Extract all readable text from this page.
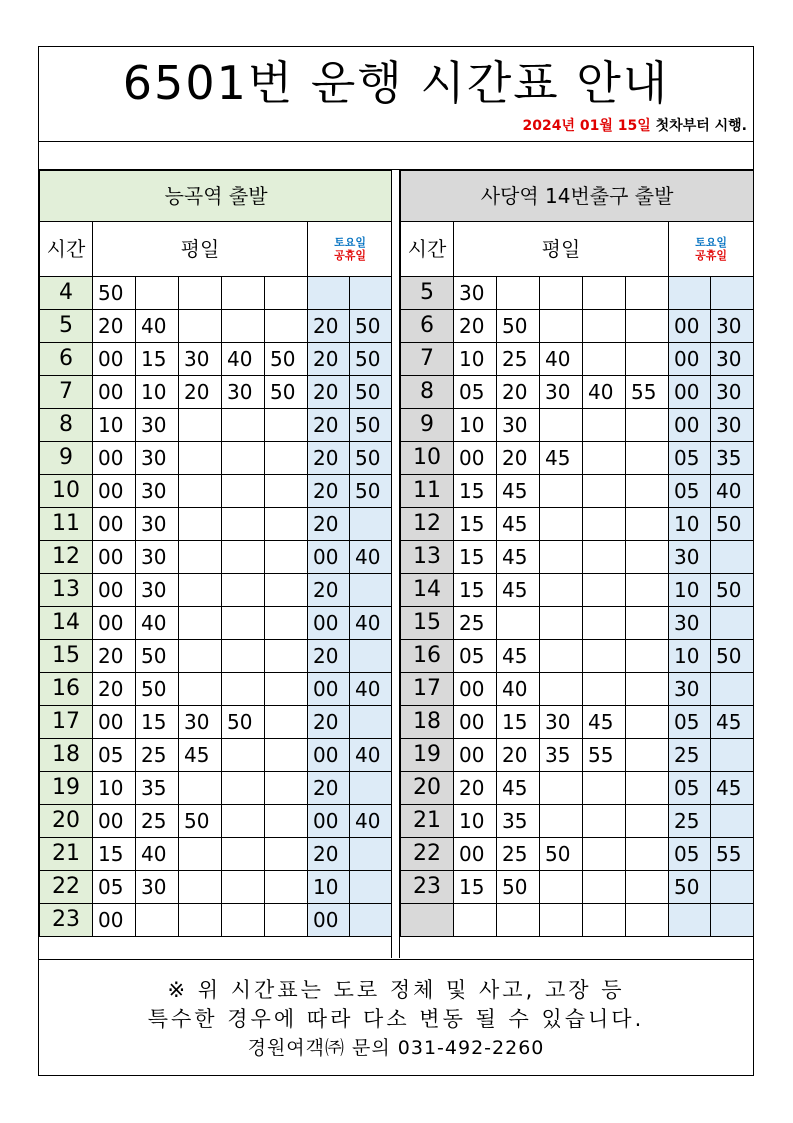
6501번 운행 시간표 안내
2024년 01월 15일 첫차부터 시행.
능곡역 출발							
시간	평일					토요일
공휴일	

4	50						
5	20	40				20	50
6	00	15	30	40	50	20	50
7	00	10	20	30	50	20	50
8	10	30				20	50
9	00	30				20	50
10	00	30				20	50
11	00	30				20	
12	00	30				00	40
13	00	30				20	
14	00	40				00	40
15	20	50				20	
16	20	50				00	40
17	00	15	30	50		20	
18	05	25	45			00	40
19	10	35				20	
20	00	25	50			00	40
21	15	40				20	
22	05	30				10	
23	00					00	
사당역 14번출구 출발							
시간	평일					토요일
공휴일	

5	30						
6	20	50				00	30
7	10	25	40			00	30
8	05	20	30	40	55	00	30
9	10	30				00	30
10	00	20	45			05	35
11	15	45				05	40
12	15	45				10	50
13	15	45				30	
14	15	45				10	50
15	25					30	
16	05	45				10	50
17	00	40				30	
18	00	15	30	45		05	45
19	00	20	35	55		25	
20	20	45				05	45
21	10	35				25	
22	00	25	50			05	55
23	15	50				50	

※ 위 시간표는 도로 정체 및 사고, 고장 등
특수한 경우에 따라 다소 변동 될 수 있습니다.
경원여객㈜ 문의 031-492-2260
